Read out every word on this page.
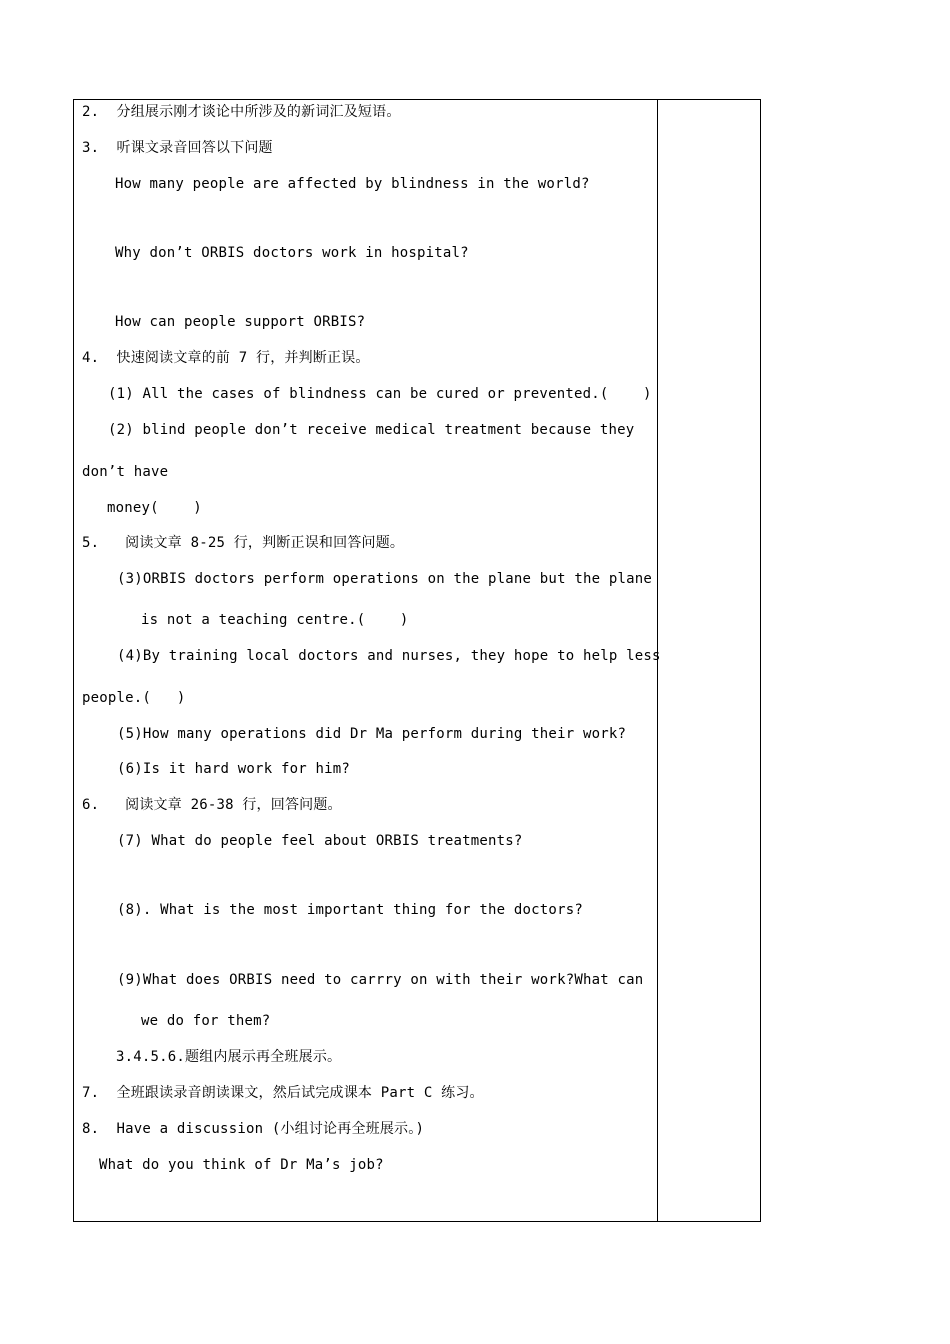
2.  分组展示刚才谈论中所涉及的新词汇及短语。
3.  听课文录音回答以下问题
How many people are affected by blindness in the world?
Why don’t ORBIS doctors work in hospital?
How can people support ORBIS?
4.  快速阅读文章的前 7 行，并判断正误。
(1) All the cases of blindness can be cured or prevented.(    )
(2) blind people don’t receive medical treatment because they
don’t have
money(    )
5.   阅读文章 8-25 行，判断正误和回答问题。
(3)ORBIS doctors perform operations on the plane but the plane
is not a teaching centre.(    )
(4)By training local doctors and nurses, they hope to help less
people.(   )
(5)How many operations did Dr Ma perform during their work?
(6)Is it hard work for him?
6.   阅读文章 26-38 行，回答问题。
(7) What do people feel about ORBIS treatments?
(8). What is the most important thing for the doctors?
(9)What does ORBIS need to carrry on with their work?What can
we do for them?
3.4.5.6.题组内展示再全班展示。
7.  全班跟读录音朗读课文，然后试完成课本 Part C 练习。
8.  Have a discussion (小组讨论再全班展示。)
What do you think of Dr Ma’s job?
